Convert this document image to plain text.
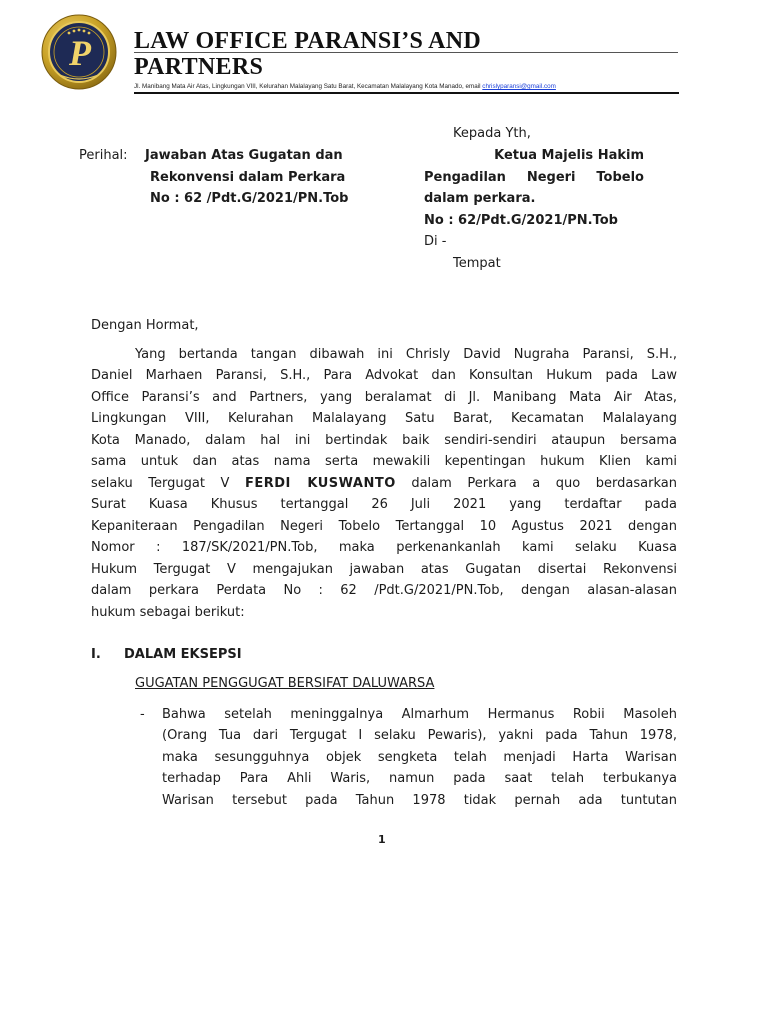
P LAW OFFICE PARANSI’S AND
PARTNERS
Jl. Manibang Mata Air Atas, Lingkungan VIII, Kelurahan Malalayang Satu Barat, Kecamatan Malalayang Kota Manado, email chrislyparansi@gmail.com
Kepada Yth,
Perihal: Jawaban Atas Gugatan dan
Rekonvensi dalam Perkara
No : 62 /Pdt.G/2021/PN.Tob
Ketua Majelis Hakim
Pengadilan Negeri Tobelo
dalam perkara.
No : 62/Pdt.G/2021/PN.Tob
Di -
Tempat
Dengan Hormat,
Yang bertanda tangan dibawah ini Chrisly David Nugraha Paransi, S.H.,
Daniel Marhaen Paransi, S.H., Para Advokat dan Konsultan Hukum pada Law
Office Paransi’s and Partners, yang beralamat di Jl. Manibang Mata Air Atas,
Lingkungan VIII, Kelurahan Malalayang Satu Barat, Kecamatan Malalayang
Kota Manado, dalam hal ini bertindak baik sendiri-sendiri ataupun bersama
sama untuk dan atas nama serta mewakili kepentingan hukum Klien kami
selaku Tergugat V FERDI KUSWANTO dalam Perkara a quo berdasarkan
Surat Kuasa Khusus tertanggal 26 Juli 2021 yang terdaftar pada
Kepaniteraan Pengadilan Negeri Tobelo Tertanggal 10 Agustus 2021 dengan
Nomor : 187/SK/2021/PN.Tob, maka perkenankanlah kami selaku Kuasa
Hukum Tergugat V mengajukan jawaban atas Gugatan disertai Rekonvensi
dalam perkara Perdata No : 62 /Pdt.G/2021/PN.Tob, dengan alasan-alasan
hukum sebagai berikut:
I. DALAM EKSEPSI
GUGATAN PENGGUGAT BERSIFAT DALUWARSA
- Bahwa setelah meninggalnya Almarhum Hermanus Robii Masoleh
(Orang Tua dari Tergugat I selaku Pewaris), yakni pada Tahun 1978,
maka sesungguhnya objek sengketa telah menjadi Harta Warisan
terhadap Para Ahli Waris, namun pada saat telah terbukanya
Warisan tersebut pada Tahun 1978 tidak pernah ada tuntutan
1
